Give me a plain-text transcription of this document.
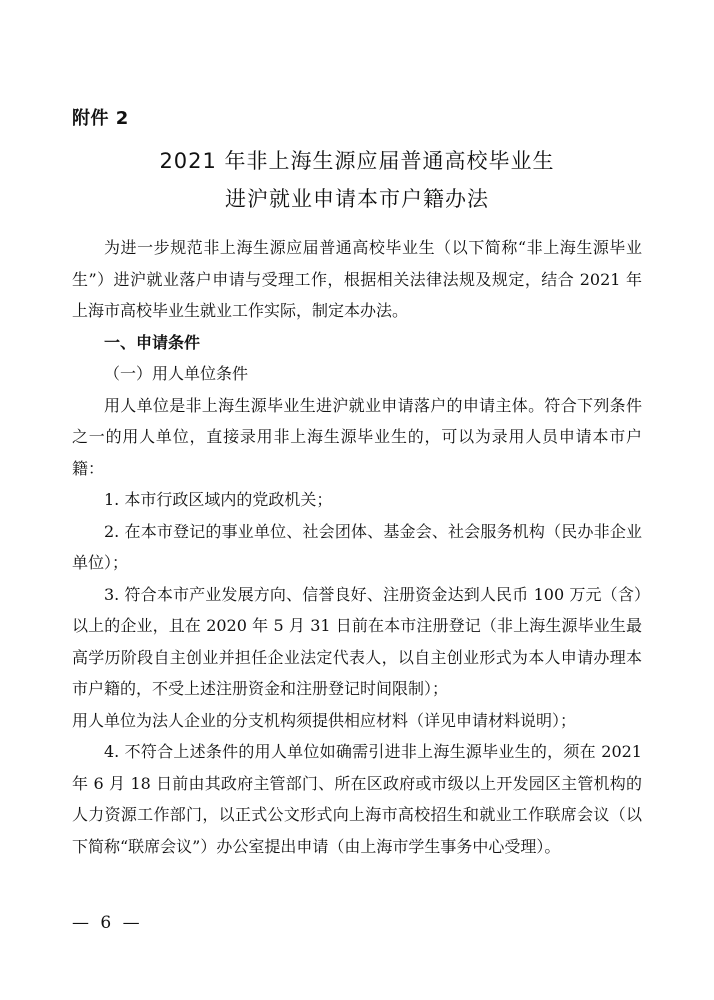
附件 2
2021 年非上海生源应届普通高校毕业生
进沪就业申请本市户籍办法

为进一步规范非上海生源应届普通高校毕业生（以下简称“非上海生源毕业生”）进沪就业落户申请与受理工作，根据相关法律法规及规定，结合 2021 年上海市高校毕业生就业工作实际，制定本办法。

一、申请条件

（一）用人单位条件

用人单位是非上海生源毕业生进沪就业申请落户的申请主体。符合下列条件之一的用人单位，直接录用非上海生源毕业生的，可以为录用人员申请本市户籍：

1. 本市行政区域内的党政机关；

2. 在本市登记的事业单位、社会团体、基金会、社会服务机构（民办非企业单位）；

3. 符合本市产业发展方向、信誉良好、注册资金达到人民币 100 万元（含）以上的企业，且在 2020 年 5 月 31 日前在本市注册登记（非上海生源毕业生最高学历阶段自主创业并担任企业法定代表人，以自主创业形式为本人申请办理本市户籍的，不受上述注册资金和注册登记时间限制）；

用人单位为法人企业的分支机构须提供相应材料（详见申请材料说明）；

4. 不符合上述条件的用人单位如确需引进非上海生源毕业生的，须在 2021 年 6 月 18 日前由其政府主管部门、所在区政府或市级以上开发园区主管机构的人力资源工作部门，以正式公文形式向上海市高校招生和就业工作联席会议（以下简称“联席会议”）办公室提出申请（由上海市学生事务中心受理）。

— 6 —
